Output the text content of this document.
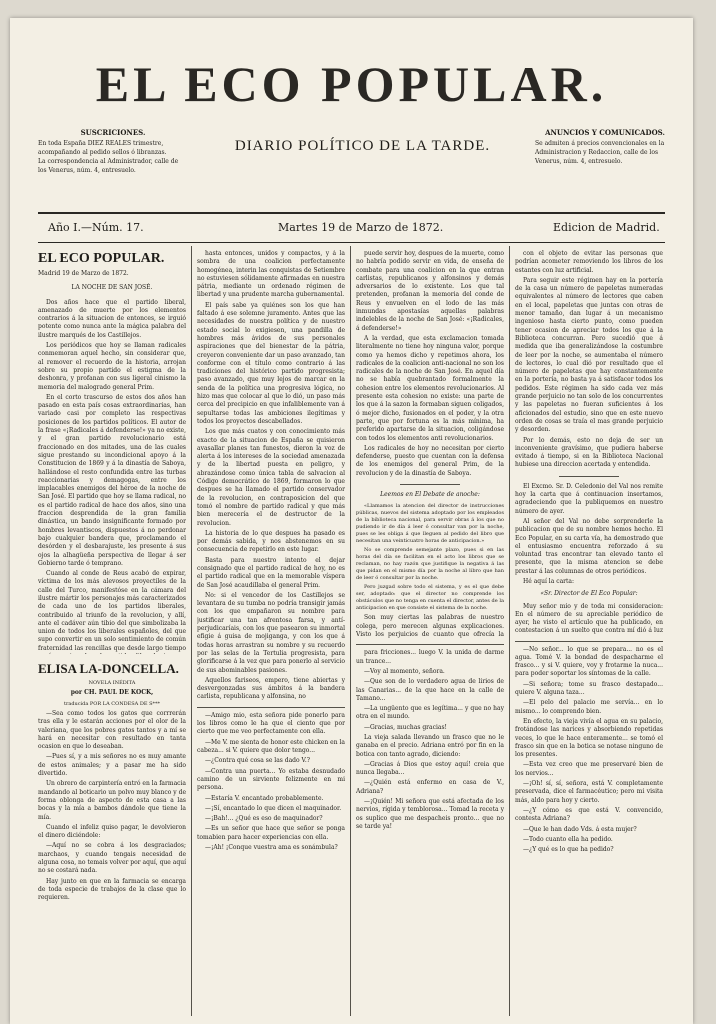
EL ECO POPULAR.
SUSCRICIONES.
En toda España DIEZ REALES trimestre, acompañando al pedido sellos ó libranzas.
La correspondencia al Administrador, calle de los Venerus, núm. 4, entresuelo.
DIARIO POLÍTICO DE LA TARDE.
ANUNCIOS Y COMUNICADOS.
Se admiten á precios convencionales en la Administracion y Redaccion, calle de los Venerus, núm. 4, entresuelo.
Año I.—Núm. 17.	Martes 19 de Marzo de 1872.	Edicion de Madrid.

EL ECO POPULAR.

Madrid 19 de Marzo de 1872.

LA NOCHE DE SAN JOSÉ.

Dos años hace que el partido liberal, amenazado de muerte por los elementos contrarios á la situacion de entonces, se irguió potente como nunca ante la mágica palabra del ilustre marqués de los Castillejos.

Los periódicos que hoy se llaman radicales conmemoran aquel hecho, sin considerar que, al remover el recuerdo de la historia, arrojan sobre su propio partido el estigma de la deshonra, y profanan con sus ligeral cinismo la memoria del malogrado general Prim.

En el corto trascurso de estos dos años han pasado en esta país cosas extraordinarias, han variado casi por completo las respectivas posiciones de los partidos políticos. El autor de la frase «¡Radicales á defenderse!» ya no existe, y el gran partido revolucionario está fraccionado en dos mitades, una de las cuales sigue prestando su incondicional apoyo á la Constitucion de 1869 y á la dinastía de Saboya, hallándose el resto confundida entre las turbas reaccionarias y demagogas, entre los implacables enemigos del héroe de la noche de San José. El partido que hoy se llama radical, no es el partido radical de hace dos años, sino una fraccion desprendida de la gran familia dinástica, un bando insignificante formado por hombres levantiscos, dispuestos á no perdonar bajo cualquier bandera que, proclamando el desórden y el desbarajuste, les presente á sus ojos la alhagüeña perspectiva de llegar á ser Gobierno tarde ó temprano.

Cuando al conde de Reus acabó de expirar, víctima de los más alevosos proyectiles de la calle del Turco, manifestóse en la cámara del ilustre mártir los personajes más caracterizados de cada uno de los partidos liberales, contribuido al triunfo de la revolucion, y allí, ante el cadáver aún tibio del que simbolizaba la union de todos los liberales españoles, del que supo convertir en un solo sentimiento de común fraternidad las rencillas que desde largo tiempo

ELISA LA-DONCELLA.

NOVELA INÉDITA

por CH. PAUL DE KOCK,

traducida POR LA CONDESA DE S***

—Sea como todos los gatos que corrrerán tras ella y le estarán acciones por el olor de la valeriana, que los pobres gatos tantos y a mí se hará en necesitar con resultado en tanta ocasion en que lo deseaban.

—Pues sí, y a mis señores no es muy amante de estos animales; y a pasar me ha sido divertido.

Un obrero de carpintería entró en la farmacia mandando al boticario un polvo muy blanco y de forma oblonga de aspecto de esta casa a las bocas y la mía a bambos dándole que tiene la mía.

Cuando el infeliz quiso pagar, le devolvieron el dinero diciéndole:

—Aquí no se cobra á los desgraciados; marchaos, y cuando tengais necesidad de alguna cosa, no temais volver por aquí, que aquí no se costará nada.

Hay junto en que en la farmacia se encarga de toda especie de trabajos de la clase que lo requieren.

hasta entonces, unidos y compactos, y á la sombra de una coalicion perfectamente homogénea, interin las conquistas de Setiembre no estuviesen sólidamente afirmadas en nuestra pátria, mediante un ordenado régimen de libertad y una prudente marcha gubernamental.

El país sabe ya quiénes son los que han faltado á ese solemne juramento. Antes que las necesidades de nuestra política y de nuestro estado social lo exigiesen, una pandilla de hombres más ávidos de sus personales aspiraciones que del bienestar de la pátria, creyeron conveniente dar un paso avanzado, tan conforme con el título como contrario á las tradiciones del histórico partido progresista; paso avanzado, que muy lejos de marcar en la senda de la política una progresiva lógica, no hizo mas que colocar al que lo dió, un paso más cerca del precipicio en que infaliblemente van á sepultarse todas las ambiciones ilegítimas y todos los proyectos descabellados.

Los que más cuatos y con conocimiento más exacto de la situacion de España se quisieron avasallar planes tan funestos, dieron la voz de alerta á los intereses de la sociedad amenazada y de la libertad puesta en peligro, y abrazándose como única tabla de salvacion al Código democrático de 1869, formaron lo que despues se ha llamado el partido conservador de la revolucion, en contraposicion del que tomó el nombre de partido radical y que más bien merecería el de destructor de la revolucion.

La historia de lo que despues ha pasado es por demás sabida, y nos abstenemos en su consecuencia de repetirlo en este lugar.

Basta para nuestro intento el dejar consignado que el partido radical de hoy, no es el partido radical que en la memorable víspera de San José acaudillaba el general Prim.

No: si el vencedor de los Castillejos se levantara de su tumba no podría transigir jamás con los que empañaron su nombre para justificar una tan afrentosa farsa, y antí-perjudicaríais, con los que pasearon su inmortal efigie á guisa de mojiganga, y con los que á todas horas arrastran su nombre y su recuerdo por las selas de la Tertulia progresista, para glorificarse á la vez que para ponerlo al servicio de sus abominables pasiones.

Aquellos fariseos, empero, tiene abiertas y desvergonzadas sus ámbitos á la bandera carlista, republicana y alfonsina, no

—Amigo mio, esta señora pide ponerlo para los libros como le ha que el ciento que por cierto que me veo perfectamente con ella.

—Me V. me sienta de honor este chicken en la cabeza... si V. quiere que dolor tengo...

—¿Contra qué cosa se las dado V.?

—Contra una puerta... Yo estaba desnudado camino de un sirviente felizmente en mi persona.

—Estaría V. encantado probablemente.

—¡Sí, encantado lo que dicen el maquinador.

—¡Bah!... ¿Qué es eso de maquinador?

—Es un señor que hace que señor se ponga tomabien para hacer experiencias con ella.

—¡Ah! ¡Conque vuestra ama es sonámbula?

puede servir hoy, despues de la muerte, como no habría podido servir en vida, de enseña de combate para una coalicion en la que entran carlistas, republicanos y alfonsinos y demás adversarios de lo existente. Los que tal pretenden, profanan la memoria del conde de Reus y envuelven en el lodo de las más inmundas apostasías aquellas palabras indelebles de la noche de San José: «¡Radicales, á defenderse!»

A la verdad, que esta exclamacion tomada literalmente no tiene hoy ninguna valor, porque como ya hemos dicho y repetimos ahora, los radicales de la coalicion anti-nacional no son los radicales de la noche de San José. En aquel día no se había quebrantado formalmente la cohesion entre los elementos revolucionarios. Al presente esta cohesion no existe: una parte de los que á la sazon la formaban siguen coligados, ó mejor dicho, fusionados en el poder, y la otra parte, que por fortuna es la más mínima, ha preferido apartarse de la situacion, coligándose con todos los elementos anti revolucionarios.

Los radicales de hoy no necesitan por cierto defenderse, puesto que cuentan con la defensa de los enemigos del general Prim, de la revolucion y de la dinastía de Saboya.

Leemos en El Debate de anoche:

«Llamamos la atencion del director de instrucciones públicas, nuevos del sistema adoptado por los empleados de la biblioteca nacional, para servir obras á los que no pudiendo ir de día á leer ó consultar van por la noche, pues se les obliga á que lleguen al pedido del libro que necesitan una veinticuatro horas de anticipacion.»

No se comprende semejante plazo, pues si en las horas del día se facilitan en el acto los libros que se reclaman, no hay razón que justifique la negativa á las que pidan en el mismo día por la noche al libro que han de leer ó consultar por la noche.

Pero juzgad sobre todo el sistema, y es el que debe ser, adoptado: que el director no comprende los obstáculos que no tenga en cuenta el director, antes de la anticipacion en que consiste el sistema de la noche.

Son muy ciertas las palabras de nuestro colega, pero merecen algunas explicaciones. Visto los perjuicios de cuanto que ofrecía la

para fricciones... luego V. la unida de darme un trance...

—Voy al momento, señora.

—Que son de lo verdadero agua de lirios de las Canarias... de la que hace en la calle de Tamano...

—La ungüento que es legítima... y que no hay otra en el mundo.

—Gracias, muchas gracias!

La vieja salada llevando un frasco que no le ganaba en el precio. Adriana entró por fin en la botica con tanto agrado, diciendo:

—Gracias á Dios que estoy aquí! creia que nunca llegaba...

—¿Quién está enfermo en casa de V., Adriana?

—¡Quién! Mi señora que está afectada de los nervios, rígida y temblorosa... Tomad la receta y os suplico que me despacheis pronto... que no se tarde ya!

con el objeto de evitar las personas que podrían acometer removiendo los libros de los estantes con luz artificial.

Para seguir este régimen hay en la portería de la casa un número de papeletas numeradas equivalentes al número de lectores que caben en el local, papeletas que juntas con otras de menor tamaño, dan lugar á un mecanismo ingenioso hasta cierto punto, como pueden tener ocasion de apreciar todos los que á la Biblioteca concurran. Pero sucedió que á medida que iba generalizándose la costumbre de leer por la noche, se aumentaba el número de lectores, lo cual dió por resultado que el número de papeletas que hay constantemente en la portería, no basta ya á satisfacer todos los pedidos. Este régimen ha sido cada vez más grande perjuicio no tan solo de los concurrentes y las papeletas no fueran suficientes á los aficionados del estudio, sino que en este nuevo orden de cosas se traía el mas grande perjuicio y desorden.

Por lo demás, esto no deja de ser un inconveniente gravísimo, que pudiera haberse evitado á tiempo, si en la Biblioteca Nacional hubiese una direccion acertada y entendida.

El Excmo. Sr. D. Celedonio del Val nos remite hoy la carta que á continuacion insertamos, agradeciendo que la publiquemos en nuestro número de ayer.

Al señor del Val no debe sorprenderle la publicacion que de su nombre hemos hecho. El Eco Popular, en su carta vía, ha demostrado que el entusiasmo encuentra reforzado á su voluntad tras encontrar tan elevado tanto el presente, que la misma atencion se debe prestar á las columnas de otros periódicos.

Hé aquí la carta:

«Sr. Director de El Eco Popular:

Muy señor mío y de toda mi consideracion: En el número de su apreciable periódico de ayer, he visto el artículo que ha publicado, en contestacion á un suelto que contra mí dió á luz

—No señor... lo que se prepara... no es el agua. Tomé V. la bondad de despacharme el frasco... y si V. quiere, voy y frotarme la nuca... para poder soportar los síntomas de la calle.

—Si señora; tome su frasco destapado... quiere V. alguna taza...

—El pelo del palacio me servía... en lo mismo... lo comprendo bien.

En efecto, la vieja vivía el agua en su palacio, frotándose las narices y absorbiendo repetidas veces, lo que le hace enteramente... se tomó el frasco sin que en la botica se notase ninguno de los presentes.

—Esta vez creo que me preservaré bien de los nervios...

—¡Oh! sí, sí, señora, está V. completamente preservada, dice el farmacéutico; pero mi visita más, aldo para hoy y cierto.

—¿Y cómo es que está V. convencido, contesta Adriana?

—Que le han dado Vds. á esta mujer?

—Todo cuanto ella ha pedido.

—¿Y qué es lo que ha pedido?
